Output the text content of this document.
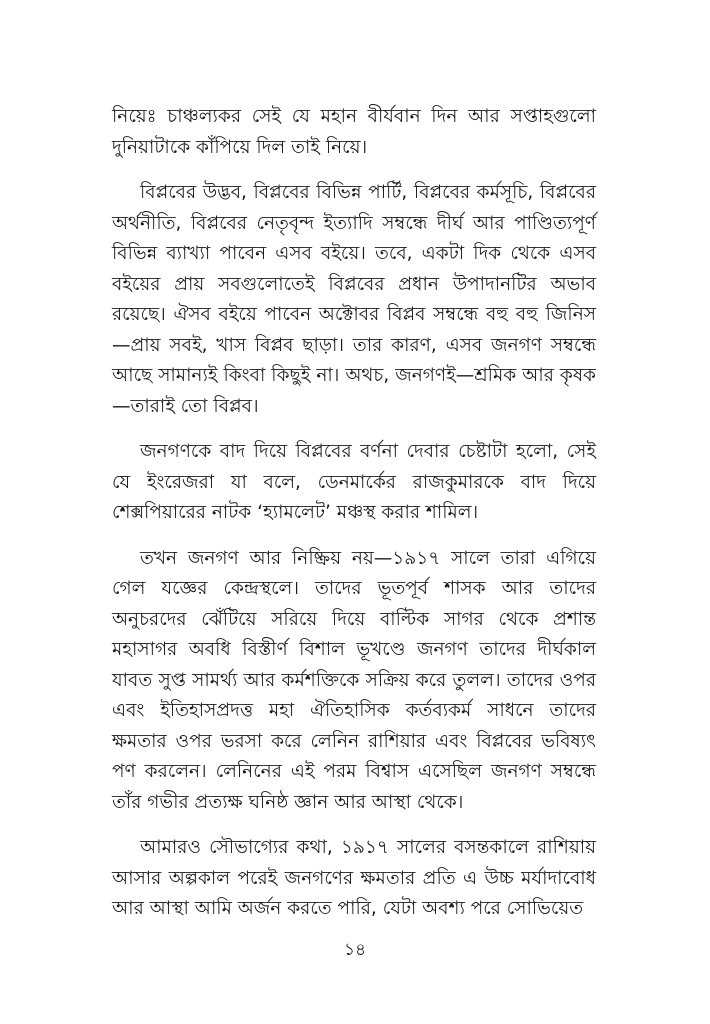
নিয়েঃ চাঞ্চল্যকর সেই যে মহান বীর্যবান দিন আর সপ্তাহগুলো দুনিয়াটাকে কাঁপিয়ে দিল তাই নিয়ে।

বিপ্লবের উদ্ভব, বিপ্লবের বিভিন্ন পার্টি, বিপ্লবের কর্মসূচি, বিপ্লবের অর্থনীতি, বিপ্লবের নেতৃবৃন্দ ইত্যাদি সম্বন্ধে দীর্ঘ আর পাণ্ডিত্যপূর্ণ বিভিন্ন ব্যাখ্যা পাবেন এসব বইয়ে। তবে, একটা দিক থেকে এসব বইয়ের প্রায় সবগুলোতেই বিপ্লবের প্রধান উপাদানটির অভাব রয়েছে। ঐসব বইয়ে পাবেন অক্টোবর বিপ্লব সম্বন্ধে বহু বহু জিনিস—প্রায় সবই, খাস বিপ্লব ছাড়া। তার কারণ, এসব জনগণ সম্বন্ধে আছে সামান্যই কিংবা কিছুই না। অথচ, জনগণই—শ্রমিক আর কৃষক—তারাই তো বিপ্লব।

জনগণকে বাদ দিয়ে বিপ্লবের বর্ণনা দেবার চেষ্টাটা হলো, সেই যে ইংরেজরা যা বলে, ডেনমার্কের রাজকুমারকে বাদ দিয়ে শেক্সপিয়ারের নাটক ‘হ্যামলেট’ মঞ্চস্থ করার শামিল।

তখন জনগণ আর নিষ্ক্রিয় নয়—১৯১৭ সালে তারা এগিয়ে গেল যজ্ঞের কেন্দ্রস্থলে। তাদের ভূতপূর্ব শাসক আর তাদের অনুচরদের ঝেঁটিয়ে সরিয়ে দিয়ে বাল্টিক সাগর থেকে প্রশান্ত মহাসাগর অবধি বিস্তীর্ণ বিশাল ভূখণ্ডে জনগণ তাদের দীর্ঘকাল যাবত সুপ্ত সামর্থ্য আর কর্মশক্তিকে সক্রিয় করে তুলল। তাদের ওপর এবং ইতিহাসপ্রদত্ত মহা ঐতিহাসিক কর্তব্যকর্ম সাধনে তাদের ক্ষমতার ওপর ভরসা করে লেনিন রাশিয়ার এবং বিপ্লবের ভবিষ্যৎ পণ করলেন। লেনিনের এই পরম বিশ্বাস এসেছিল জনগণ সম্বন্ধে তাঁর গভীর প্রত্যক্ষ ঘনিষ্ঠ জ্ঞান আর আস্থা থেকে।

আমারও সৌভাগ্যের কথা, ১৯১৭ সালের বসন্তকালে রাশিয়ায় আসার অল্পকাল পরেই জনগণের ক্ষমতার প্রতি এ উচ্চ মর্যাদাবোধ আর আস্থা আমি অর্জন করতে পারি, যেটা অবশ্য পরে সোভিয়েত

১৪
